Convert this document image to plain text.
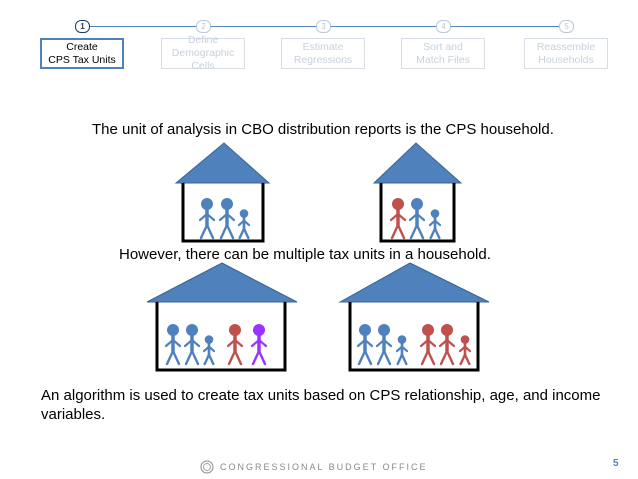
1
Create
CPS Tax Units
2
Define
Demographic Cells
3
Estimate
Regressions
4
Sort and
Match Files
5
Reassemble
Households
The unit of analysis in CBO distribution reports is the CPS household.
However, there can be multiple tax units in a household.
An algorithm is used to create tax units based on CPS relationship, age, and income variables.
CONGRESSIONAL BUDGET OFFICE	5
